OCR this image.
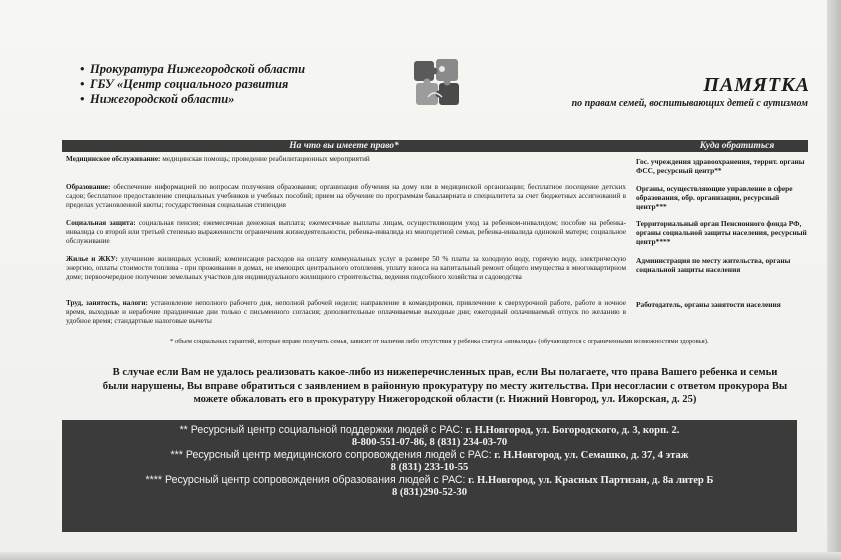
• Прокуратура Нижегородской области
• ГБУ «Центр социального развития
• Нижегородской области»
ПАМЯТКА
по правам семей, воспитывающих детей с аутизмом
На что вы имеете право*	Куда обратиться
Медицинское обслуживание: медицинская помощь; проведение реабилитационных мероприятий	Гос. учреждения здравоохранения, террит. органы ФСС, ресурсный центр**
Образование: обеспечение информацией по вопросам получения образования; организация обучения на дому или в медицинской организации; бесплатное посещение детских садов; бесплатное предоставление специальных учебников и учебных пособий; прием на обучение по программам бакалавриата и специалитета за счет бюджетных ассигнований в пределах установленной квоты; государственная социальная стипендия
Органы, осуществляющие управление в сфере образования, обр. организации, ресурсный центр***
Социальная защита: социальная пенсия; ежемесячная денежная выплата; ежемесячные выплаты лицам, осуществляющим уход за ребенком-инвалидом; пособие на ребенка-инвалида со второй или третьей степенью выраженности ограничения жизнедеятельности, ребенка-инвалида из многодетной семьи, ребенка-инвалида одинокой матери; социальное обслуживание
Территориальный орган Пенсионного фонда РФ, органы социальной защиты населения, ресурсный центр****
Жилье и ЖКУ: улучшение жилищных условий; компенсация расходов на оплату коммунальных услуг в размере 50 % платы за холодную воду, горячую воду, электрическую энергию, оплаты стоимости топлива - при проживании в домах, не имеющих центрального отопления, уплату взноса на капитальный ремонт общего имущества в многоквартирном доме; первоочередное получение земельных участков для индивидуального жилищного строительства, ведения подсобного хозяйства и садоводства
Администрация по месту жительства, органы социальной защиты населения
Труд, занятость, налоги: установление неполного рабочего дня, неполной рабочей недели; направление в командировки, привлечение к сверхурочной работе, работе в ночное время, выходные и нерабочие праздничные дни только с письменного согласия; дополнительные оплачиваемые выходные дни; ежегодный оплачиваемый отпуск по желанию в удобное время; стандартные налоговые вычеты
Работодатель, органы занятости населения
* объем социальных гарантий, которые вправе получить семья, зависит от наличия либо отсутствия у ребенка статуса «инвалида» (обучающегося с ограниченными возможностями здоровья).
В случае если Вам не удалось реализовать какое-либо из нижеперечисленных прав, если Вы полагаете, что права Вашего ребенка и семьи были нарушены, Вы вправе обратиться с заявлением в районную прокуратуру по месту жительства. При несогласии с ответом прокурора Вы можете обжаловать его в прокуратуру Нижегородской области (г. Нижний Новгород, ул. Ижорская, д. 25)
** Ресурсный центр социальной поддержки людей с РАС: г. Н.Новгород, ул. Богородского, д. 3, корп. 2.
8-800-551-07-86, 8 (831) 234-03-70
*** Ресурсный центр медицинского сопровождения людей с РАС: г. Н.Новгород, ул. Семашко, д. 37, 4 этаж
8 (831) 233-10-55
**** Ресурсный центр сопровождения образования людей с РАС: г. Н.Новгород, ул. Красных Партизан, д. 8а литер Б
8 (831)290-52-30
